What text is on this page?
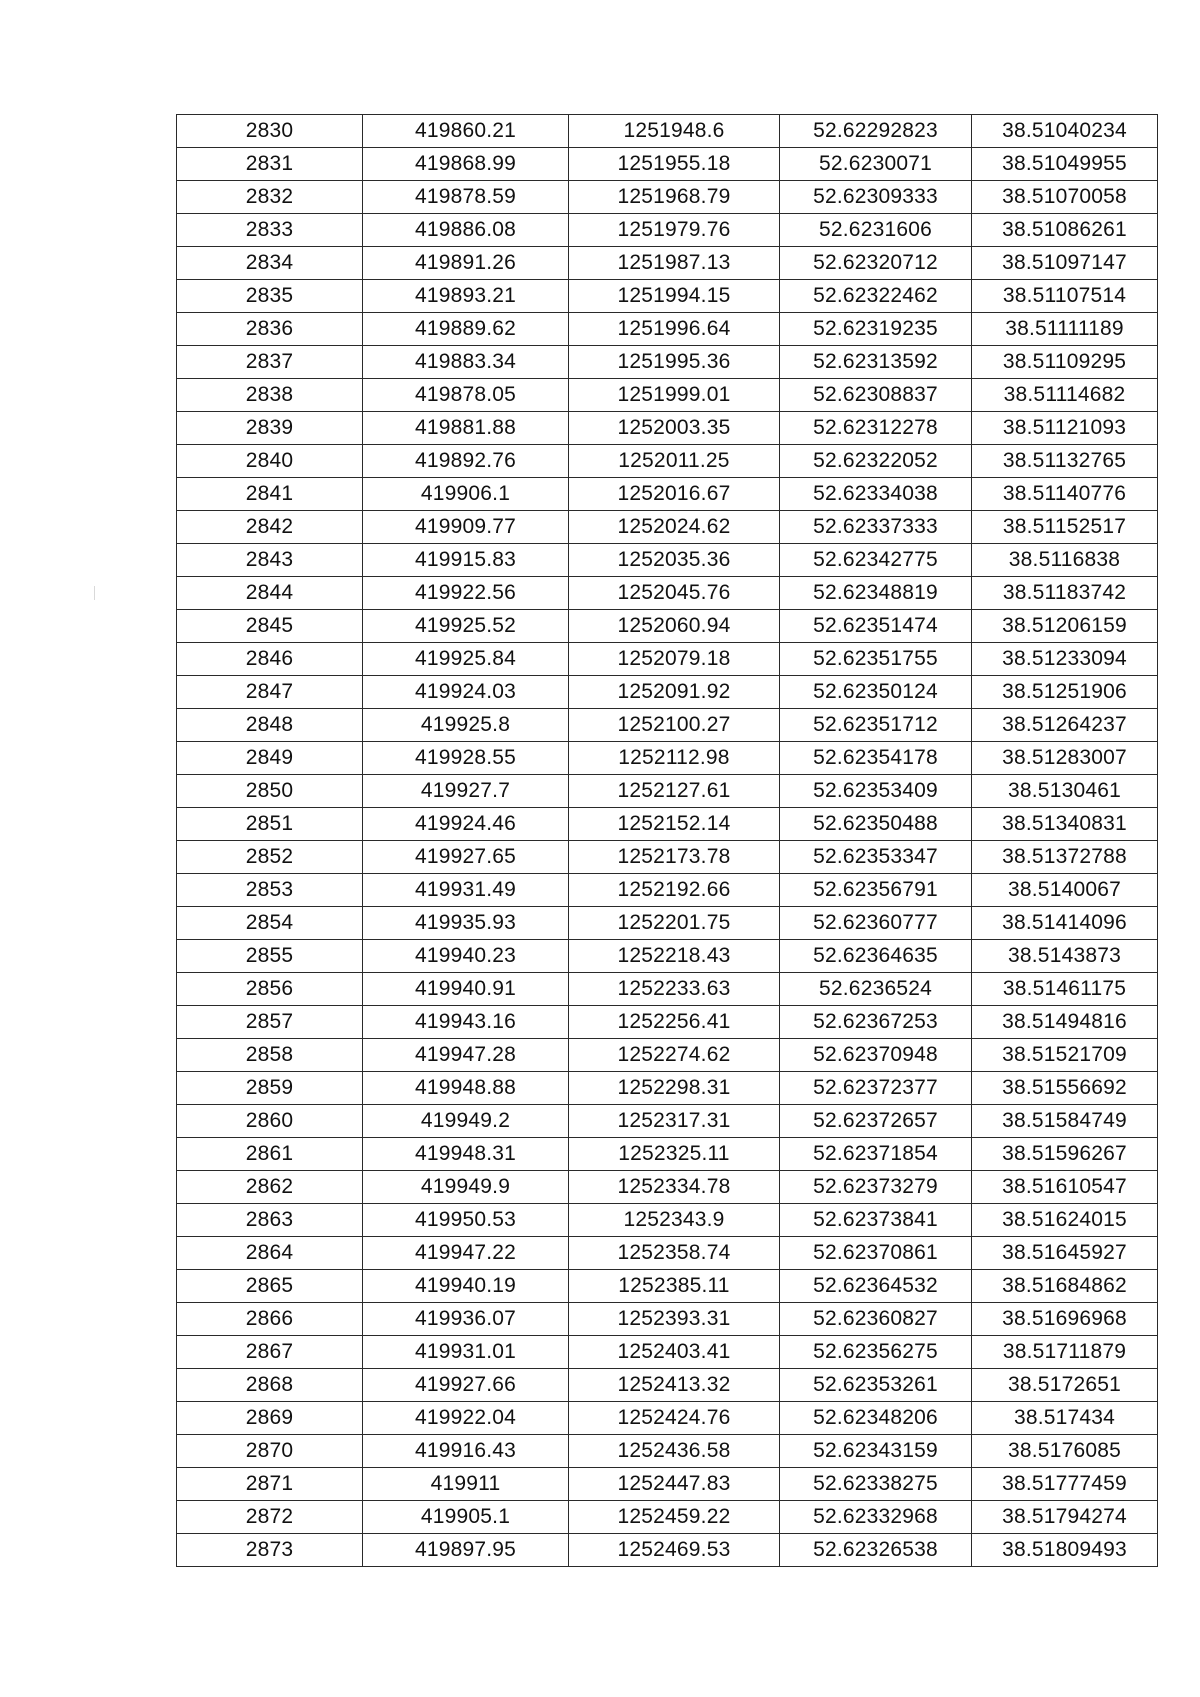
2830	419860.21	1251948.6	52.62292823	38.51040234
2831	419868.99	1251955.18	52.6230071	38.51049955
2832	419878.59	1251968.79	52.62309333	38.51070058
2833	419886.08	1251979.76	52.6231606	38.51086261
2834	419891.26	1251987.13	52.62320712	38.51097147
2835	419893.21	1251994.15	52.62322462	38.51107514
2836	419889.62	1251996.64	52.62319235	38.51111189
2837	419883.34	1251995.36	52.62313592	38.51109295
2838	419878.05	1251999.01	52.62308837	38.51114682
2839	419881.88	1252003.35	52.62312278	38.51121093
2840	419892.76	1252011.25	52.62322052	38.51132765
2841	419906.1	1252016.67	52.62334038	38.51140776
2842	419909.77	1252024.62	52.62337333	38.51152517
2843	419915.83	1252035.36	52.62342775	38.5116838
2844	419922.56	1252045.76	52.62348819	38.51183742
2845	419925.52	1252060.94	52.62351474	38.51206159
2846	419925.84	1252079.18	52.62351755	38.51233094
2847	419924.03	1252091.92	52.62350124	38.51251906
2848	419925.8	1252100.27	52.62351712	38.51264237
2849	419928.55	1252112.98	52.62354178	38.51283007
2850	419927.7	1252127.61	52.62353409	38.5130461
2851	419924.46	1252152.14	52.62350488	38.51340831
2852	419927.65	1252173.78	52.62353347	38.51372788
2853	419931.49	1252192.66	52.62356791	38.5140067
2854	419935.93	1252201.75	52.62360777	38.51414096
2855	419940.23	1252218.43	52.62364635	38.5143873
2856	419940.91	1252233.63	52.6236524	38.51461175
2857	419943.16	1252256.41	52.62367253	38.51494816
2858	419947.28	1252274.62	52.62370948	38.51521709
2859	419948.88	1252298.31	52.62372377	38.51556692
2860	419949.2	1252317.31	52.62372657	38.51584749
2861	419948.31	1252325.11	52.62371854	38.51596267
2862	419949.9	1252334.78	52.62373279	38.51610547
2863	419950.53	1252343.9	52.62373841	38.51624015
2864	419947.22	1252358.74	52.62370861	38.51645927
2865	419940.19	1252385.11	52.62364532	38.51684862
2866	419936.07	1252393.31	52.62360827	38.51696968
2867	419931.01	1252403.41	52.62356275	38.51711879
2868	419927.66	1252413.32	52.62353261	38.5172651
2869	419922.04	1252424.76	52.62348206	38.517434
2870	419916.43	1252436.58	52.62343159	38.5176085
2871	419911	1252447.83	52.62338275	38.51777459
2872	419905.1	1252459.22	52.62332968	38.51794274
2873	419897.95	1252469.53	52.62326538	38.51809493
